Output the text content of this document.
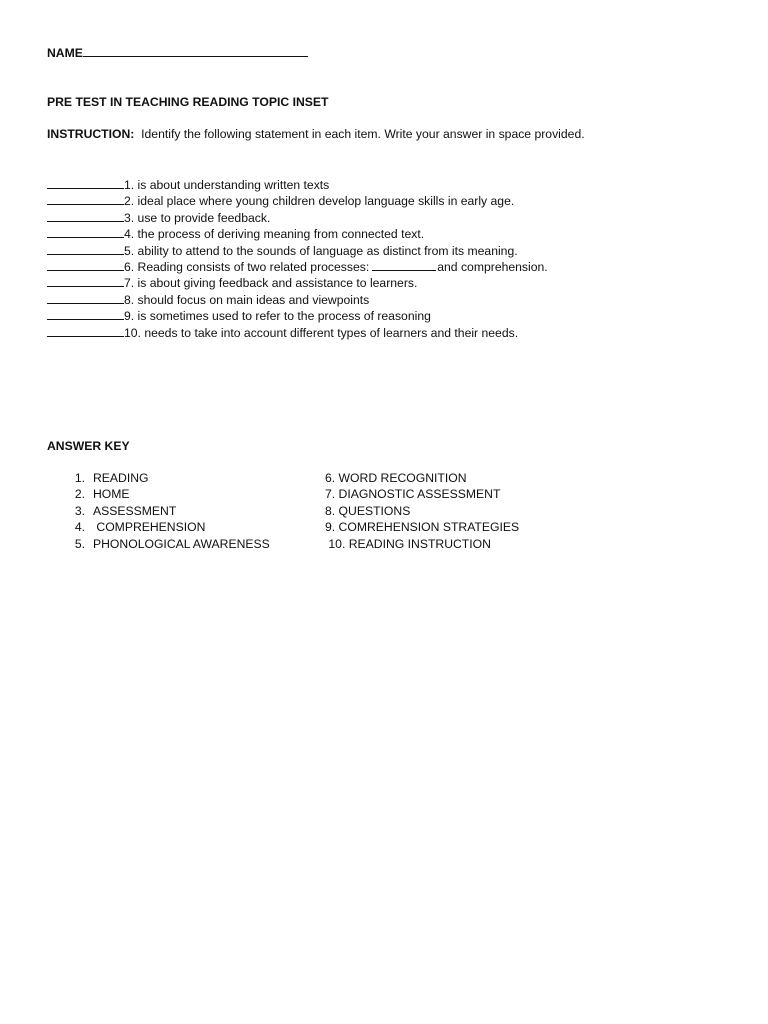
NAME
PRE TEST IN TEACHING READING TOPIC INSET
INSTRUCTION: Identify the following statement in each item. Write your answer in space provided.
1. is about understanding written texts
2. ideal place where young children develop language skills in early age.
3. use to provide feedback.
4. the process of deriving meaning from connected text.
5. ability to attend to the sounds of language as distinct from its meaning.
6. Reading consists of two related processes:	and comprehension.
7. is about giving feedback and assistance to learners.
8. should focus on main ideas and viewpoints
9. is sometimes used to refer to the process of reasoning
10. needs to take into account different types of learners and their needs.
ANSWER KEY
1. READING	6. WORD RECOGNITION
2. HOME	7. DIAGNOSTIC ASSESSMENT
3. ASSESSMENT	8. QUESTIONS
4. COMPREHENSION	9. COMREHENSION STRATEGIES
5. PHONOLOGICAL AWARENESS	10. READING INSTRUCTION
